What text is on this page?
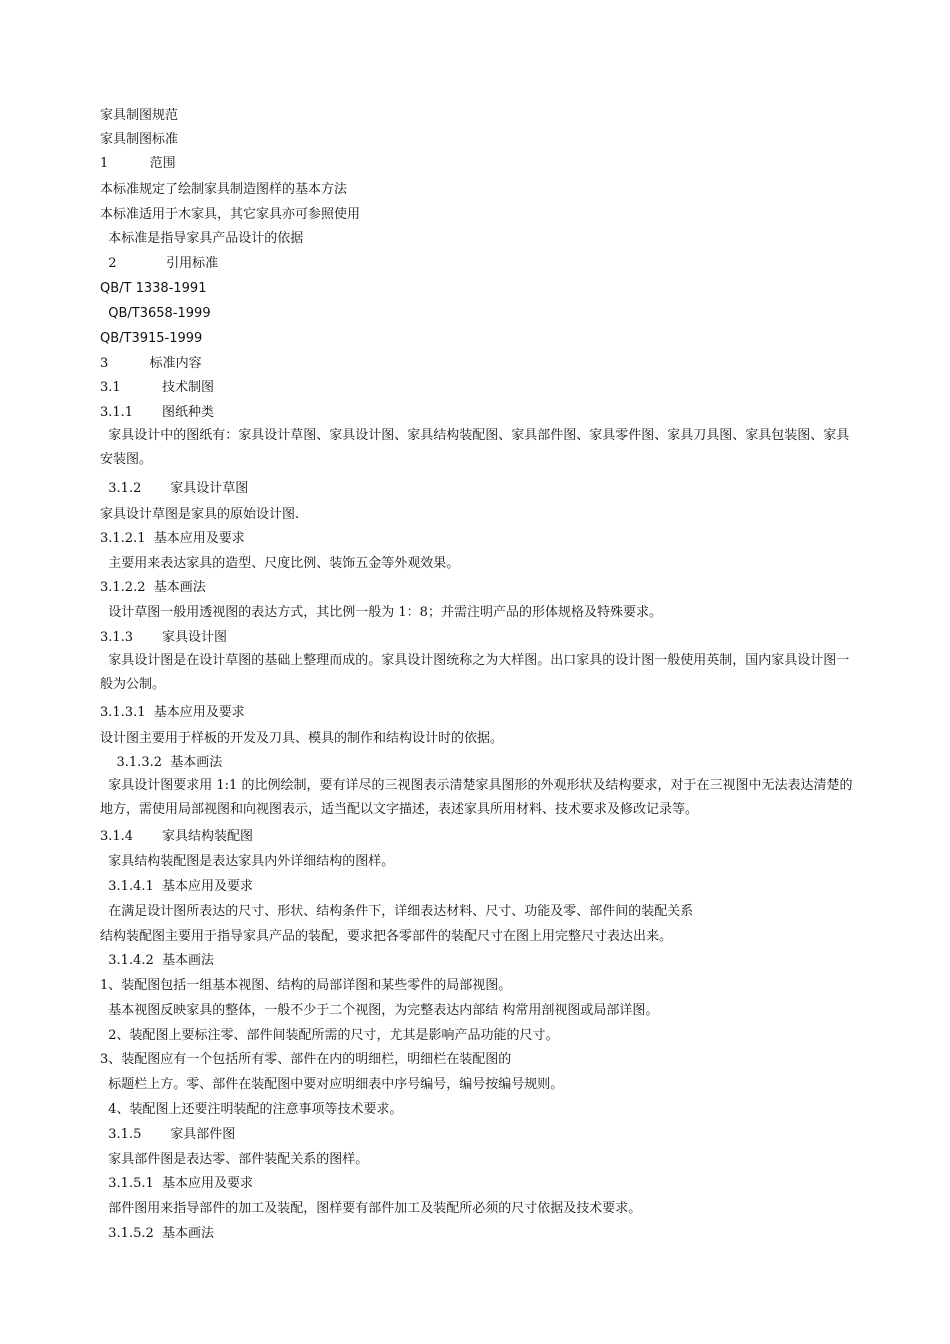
家具制图规范
家具制图标准
1          范围
本标准规定了绘制家具制造图样的基本方法
本标准适用于木家具，其它家具亦可参照使用
本标准是指导家具产品设计的依据
2            引用标准
QB/T 1338-1991
QB/T3658-1999
QB/T3915-1999
3          标准内容
3.1          技术制图
3.1.1       图纸种类
家具设计中的图纸有：家具设计草图、家具设计图、家具结构装配图、家具部件图、家具零件图、家具刀具图、家具包装图、家具安装图。
3.1.2       家具设计草图
家具设计草图是家具的原始设计图.
3.1.2.1  基本应用及要求
主要用来表达家具的造型、尺度比例、装饰五金等外观效果。
3.1.2.2  基本画法
设计草图一般用透视图的表达方式，其比例一般为 1：8；并需注明产品的形体规格及特殊要求。
3.1.3       家具设计图
家具设计图是在设计草图的基础上整理而成的。家具设计图统称之为大样图。出口家具的设计图一般使用英制，国内家具设计图一般为公制。
3.1.3.1  基本应用及要求
设计图主要用于样板的开发及刀具、模具的制作和结构设计时的依据。
3.1.3.2  基本画法
家具设计图要求用 1:1 的比例绘制，要有详尽的三视图表示清楚家具图形的外观形状及结构要求，对于在三视图中无法表达清楚的地方，需使用局部视图和向视图表示，适当配以文字描述，表述家具所用材料、技术要求及修改记录等。
3.1.4       家具结构装配图
家具结构装配图是表达家具内外详细结构的图样。
3.1.4.1  基本应用及要求
在满足设计图所表达的尺寸、形状、结构条件下，详细表达材料、尺寸、功能及零、部件间的装配关系
结构装配图主要用于指导家具产品的装配，要求把各零部件的装配尺寸在图上用完整尺寸表达出来。
3.1.4.2  基本画法
1、装配图包括一组基本视图、结构的局部详图和某些零件的局部视图。
基本视图反映家具的整体，一般不少于二个视图，为完整表达内部结 构常用剖视图或局部详图。
2、装配图上要标注零、部件间装配所需的尺寸，尤其是影响产品功能的尺寸。
3、装配图应有一个包括所有零、部件在内的明细栏，明细栏在装配图的
标题栏上方。零、部件在装配图中要对应明细表中序号编号，编号按编号规则。
4、装配图上还要注明装配的注意事项等技术要求。
3.1.5       家具部件图
家具部件图是表达零、部件装配关系的图样。
3.1.5.1  基本应用及要求
部件图用来指导部件的加工及装配，图样要有部件加工及装配所必须的尺寸依据及技术要求。
3.1.5.2  基本画法
